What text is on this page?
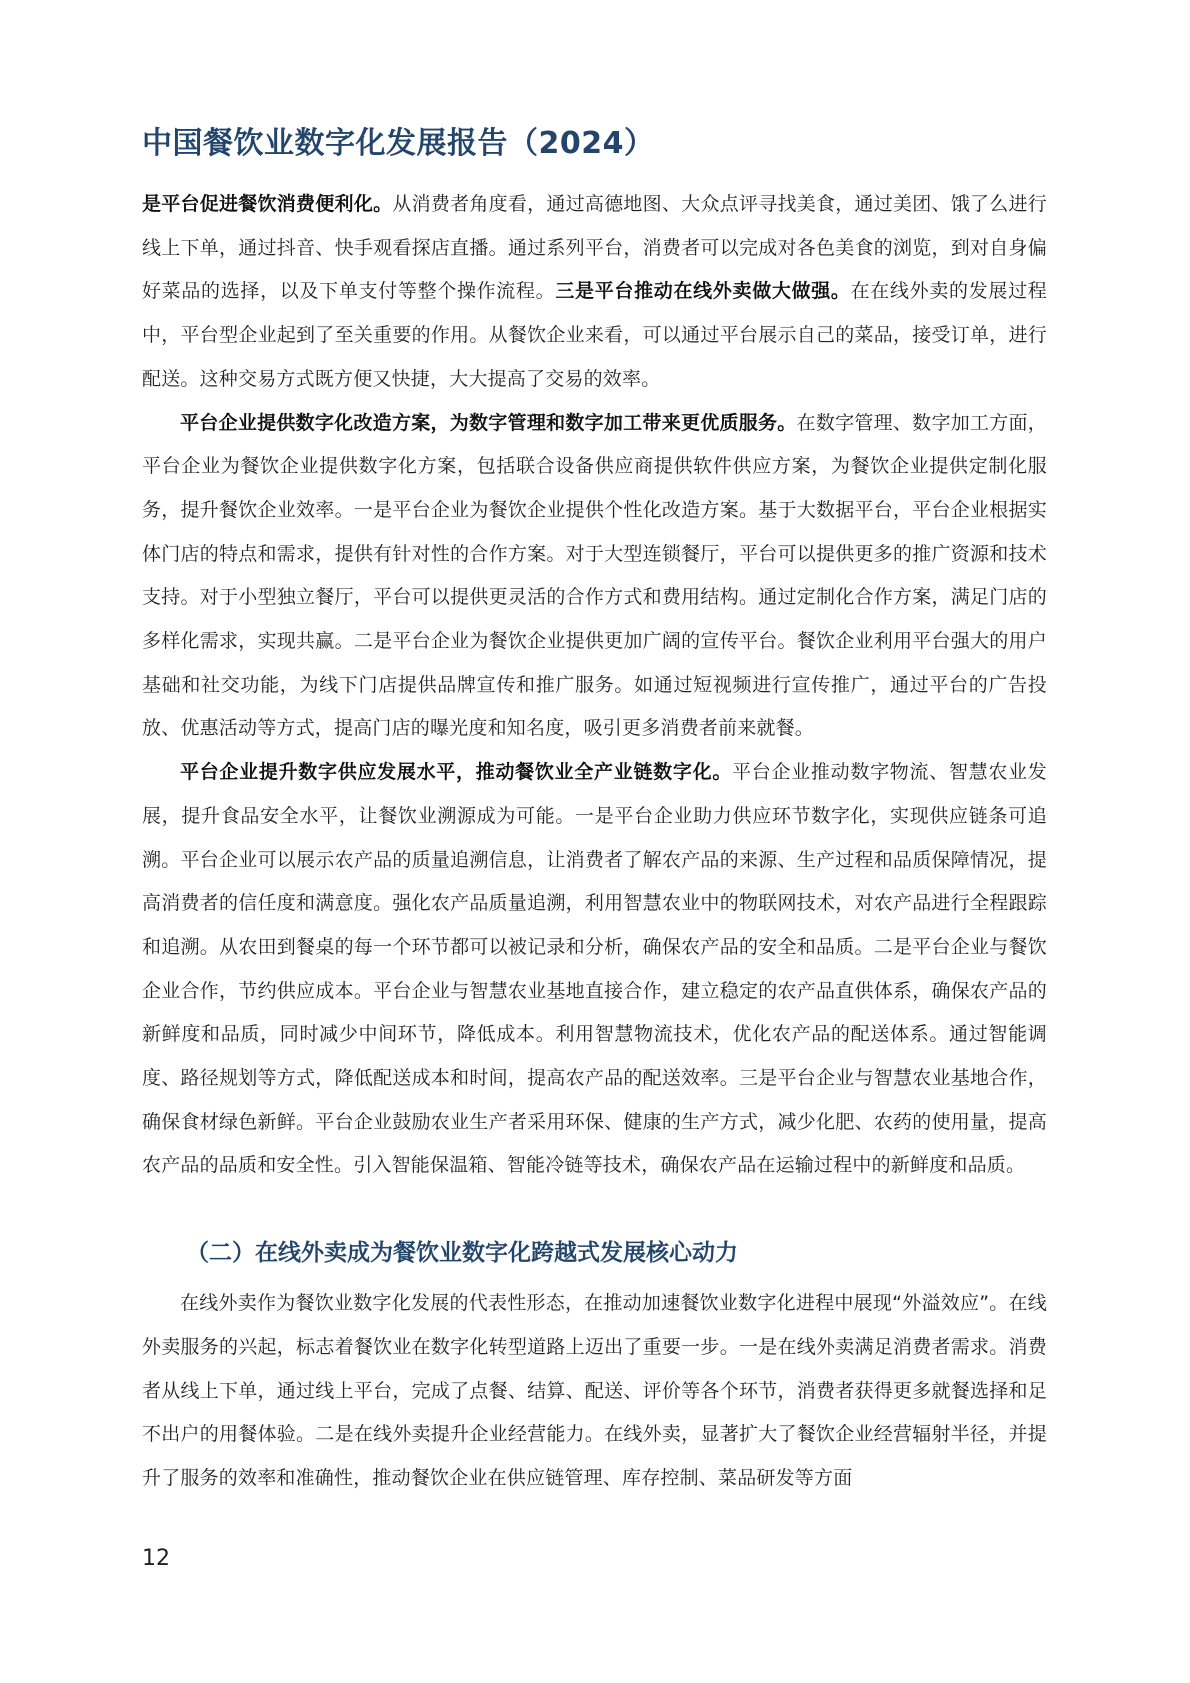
中国餐饮业数字化发展报告（2024）

是平台促进餐饮消费便利化。从消费者角度看，通过高德地图、大众点评寻找美食，通过美团、饿了么进行线上下单，通过抖音、快手观看探店直播。通过系列平台，消费者可以完成对各色美食的浏览，到对自身偏好菜品的选择，以及下单支付等整个操作流程。三是平台推动在线外卖做大做强。在在线外卖的发展过程中，平台型企业起到了至关重要的作用。从餐饮企业来看，可以通过平台展示自己的菜品，接受订单，进行配送。这种交易方式既方便又快捷，大大提高了交易的效率。

平台企业提供数字化改造方案，为数字管理和数字加工带来更优质服务。在数字管理、数字加工方面，平台企业为餐饮企业提供数字化方案，包括联合设备供应商提供软件供应方案，为餐饮企业提供定制化服务，提升餐饮企业效率。一是平台企业为餐饮企业提供个性化改造方案。基于大数据平台，平台企业根据实体门店的特点和需求，提供有针对性的合作方案。对于大型连锁餐厅，平台可以提供更多的推广资源和技术支持。对于小型独立餐厅，平台可以提供更灵活的合作方式和费用结构。通过定制化合作方案，满足门店的多样化需求，实现共赢。二是平台企业为餐饮企业提供更加广阔的宣传平台。餐饮企业利用平台强大的用户基础和社交功能，为线下门店提供品牌宣传和推广服务。如通过短视频进行宣传推广，通过平台的广告投放、优惠活动等方式，提高门店的曝光度和知名度，吸引更多消费者前来就餐。

平台企业提升数字供应发展水平，推动餐饮业全产业链数字化。平台企业推动数字物流、智慧农业发展，提升食品安全水平，让餐饮业溯源成为可能。一是平台企业助力供应环节数字化，实现供应链条可追溯。平台企业可以展示农产品的质量追溯信息，让消费者了解农产品的来源、生产过程和品质保障情况，提高消费者的信任度和满意度。强化农产品质量追溯，利用智慧农业中的物联网技术，对农产品进行全程跟踪和追溯。从农田到餐桌的每一个环节都可以被记录和分析，确保农产品的安全和品质。二是平台企业与餐饮企业合作，节约供应成本。平台企业与智慧农业基地直接合作，建立稳定的农产品直供体系，确保农产品的新鲜度和品质，同时减少中间环节，降低成本。利用智慧物流技术，优化农产品的配送体系。通过智能调度、路径规划等方式，降低配送成本和时间，提高农产品的配送效率。三是平台企业与智慧农业基地合作，确保食材绿色新鲜。平台企业鼓励农业生产者采用环保、健康的生产方式，减少化肥、农药的使用量，提高农产品的品质和安全性。引入智能保温箱、智能冷链等技术，确保农产品在运输过程中的新鲜度和品质。

（二）在线外卖成为餐饮业数字化跨越式发展核心动力

在线外卖作为餐饮业数字化发展的代表性形态，在推动加速餐饮业数字化进程中展现“外溢效应”。在线外卖服务的兴起，标志着餐饮业在数字化转型道路上迈出了重要一步。一是在线外卖满足消费者需求。消费者从线上下单，通过线上平台，完成了点餐、结算、配送、评价等各个环节，消费者获得更多就餐选择和足不出户的用餐体验。二是在线外卖提升企业经营能力。在线外卖，显著扩大了餐饮企业经营辐射半径，并提升了服务的效率和准确性，推动餐饮企业在供应链管理、库存控制、菜品研发等方面

12
